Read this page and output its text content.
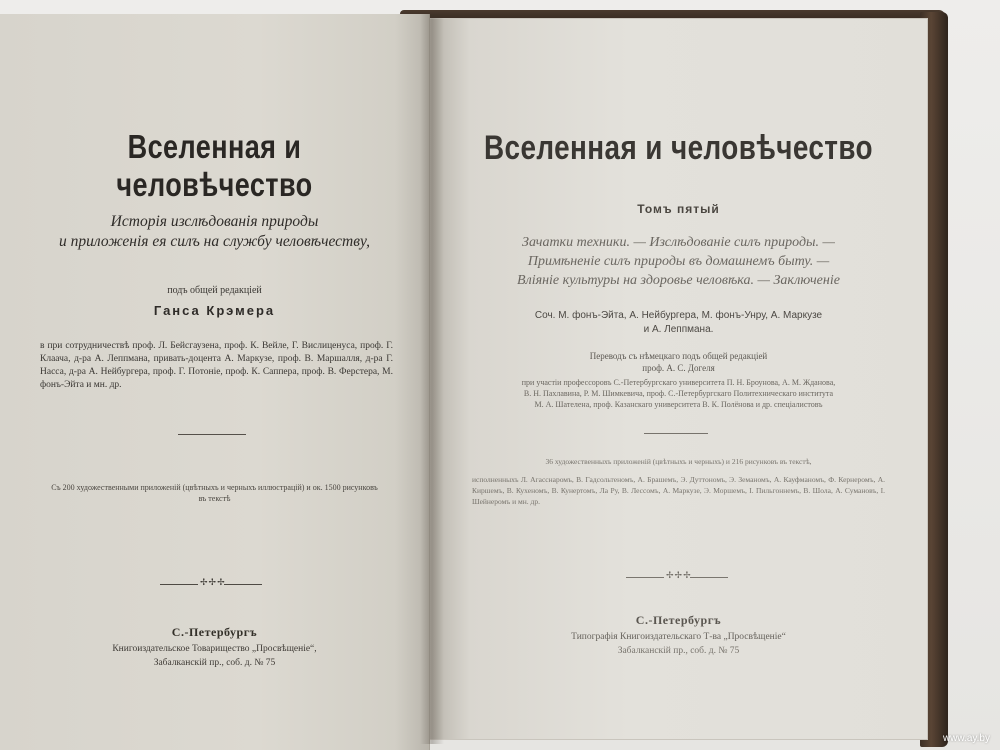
Вселенная и человѣчество
Исторія изслѣдованія природы
и приложенія ея силъ на службу человѣчеству,
подъ общей редакціей
Ганса Крэмера
в при сотрудничествѣ проф. Л. Бейсгаузена, проф. К. Вейле, Г. Вислиценуса, проф. Г. Клаача, д-ра А. Леппмана, привать-доцента А. Маркузе, проф. В. Маршалля, д-ра Г. Насса, д-ра А. Нейбургера, проф. Г. Потоніе, проф. К. Саппера, проф. В. Ферстера, М. фонъ-Эйта и мн. др.
Съ 200 художественными приложеній (цвѣтныхъ и черныхъ иллюстрацій) и ок. 1500 рисунковъ
въ текстѣ
✢✢✢
С.-Петербургъ
Книгоиздательское Товарищество „Просвѣщеніе“,
Забалканскій пр., соб. д. № 75
Вселенная и человѣчество
Томъ пятый
Зачатки техники. — Изслѣдованіе силъ природы. —
Примѣненіе силъ природы въ домашнемъ быту. —
Вліяніе культуры на здоровье человѣка. — Заключеніе
Соч. М. фонъ-Эйта, А. Нейбургера, М. фонъ-Унру, А. Маркузе
и А. Леппмана.
Переводъ съ нѣмецкаго подъ общей редакціей
проф. А. С. Догеля
при участіи профессоровъ С.-Петербургскаго университета П. Н. Броунова, А. М. Жданова,
В. Н. Пахлавина, Р. М. Шимкевича, проф. С.-Петербургскаго Политехническаго института
М. А. Шателена, проф. Казанскаго университета В. К. Полёнова и др. спеціалистовъ
36 художественныхъ приложеній (цвѣтныхъ и черныхъ) и 216 рисунковъ въ текстѣ,
исполненныхъ Л. Агасснаромъ, В. Гадсольтеномъ, А. Брашемъ, Э. Дуттономъ, Э. Земаномъ, А. Кауфманомъ, Ф. Кернеромъ, А. Киршемъ, В. Кухеномъ, В. Кунертомъ, Ла Ру, В. Лессомъ, А. Маркузе, Э. Моршемъ, І. Пильгоннемъ, В. Шола, А. Сумановъ, І. Шейнеромъ и мн. др.
✢✢✢
С.-Петербургъ
Типографія Книгоиздательскаго Т-ва „Просвѣщеніе“
Забалканскій пр., соб. д. № 75
www.ay.by
